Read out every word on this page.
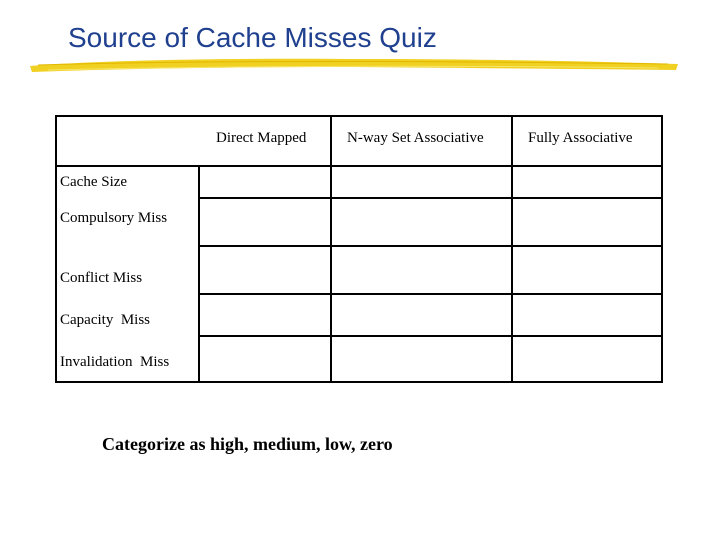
Source of Cache Misses Quiz
Direct Mapped	N-way Set Associative	Fully Associative
Cache Size
Compulsory Miss
Conflict Miss
Capacity  Miss
Invalidation  Miss
Categorize as high, medium, low, zero
